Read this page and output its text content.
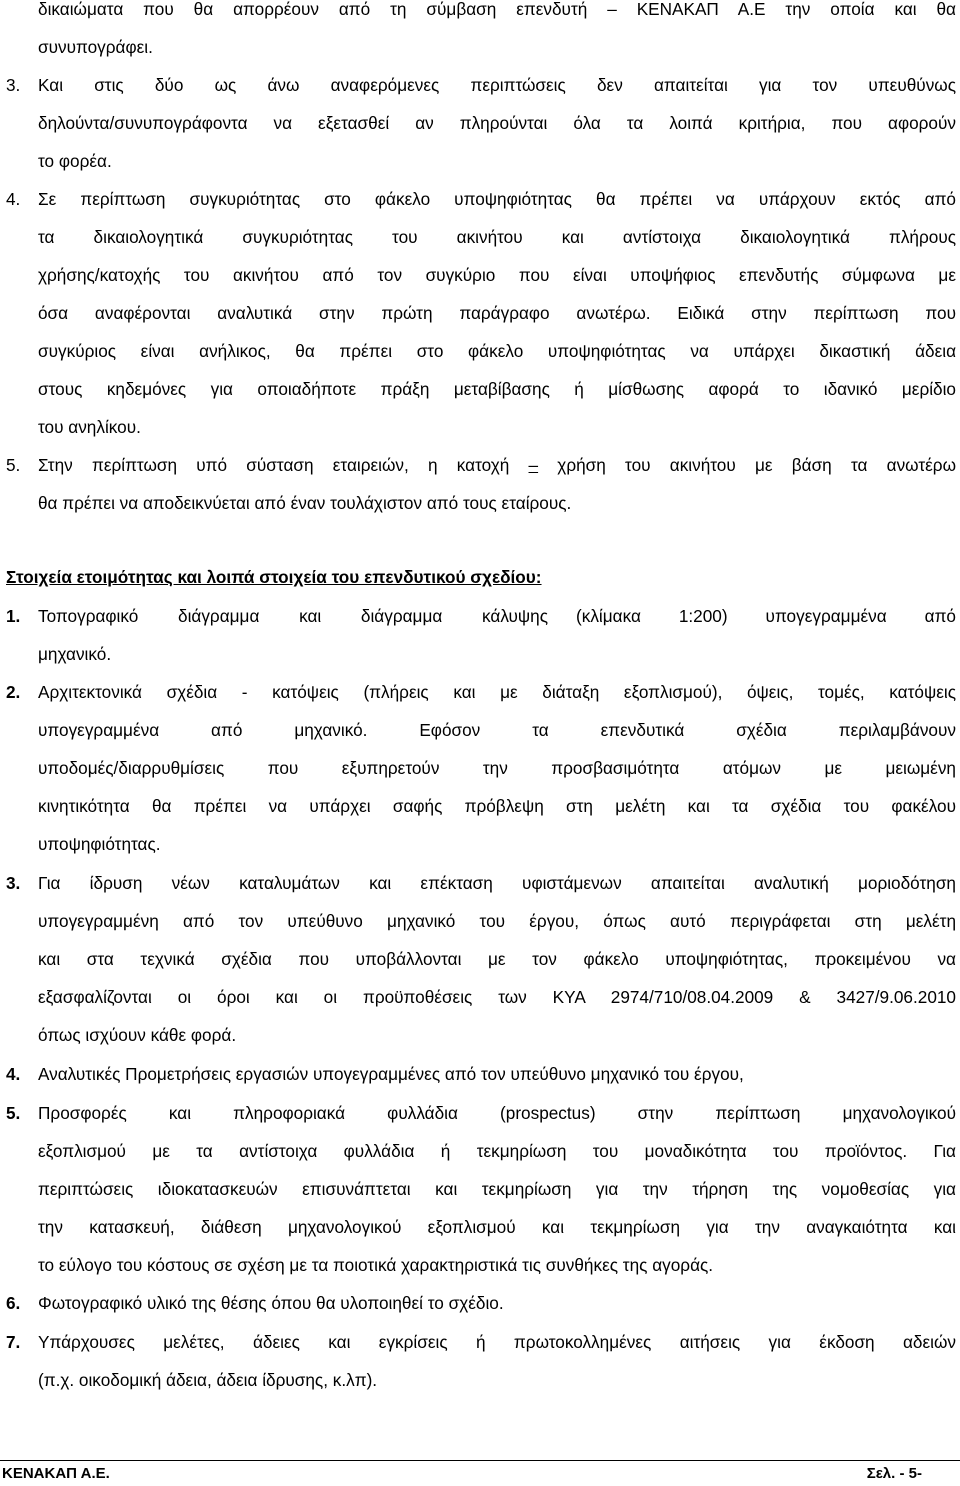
δικαιώματα που θα απορρέουν από τη σύμβαση επενδυτή – ΚΕΝΑΚΑΠ Α.Ε την οποία και θα
συνυπογράφει.
3.	Και στις δύο ως άνω αναφερόμενες περιπτώσεις δεν απαιτείται για τον υπευθύνως
δηλούντα/συνυπογράφοντα να εξετασθεί αν πληρούνται όλα τα λοιπά κριτήρια, που αφορούν
το φορέα.
4.	Σε περίπτωση συγκυριότητας στο φάκελο υποψηφιότητας θα πρέπει να υπάρχουν εκτός από
τα δικαιολογητικά συγκυριότητας του ακινήτου και αντίστοιχα δικαιολογητικά πλήρους
χρήσης/κατοχής του ακινήτου από τον συγκύριο που είναι υποψήφιος επενδυτής σύμφωνα με
όσα αναφέρονται αναλυτικά στην πρώτη παράγραφο ανωτέρω. Ειδικά στην περίπτωση που
συγκύριος είναι ανήλικος, θα πρέπει στο φάκελο υποψηφιότητας να υπάρχει δικαστική άδεια
στους κηδεμόνες για οποιαδήποτε πράξη μεταβίβασης ή μίσθωσης αφορά το ιδανικό μερίδιο
του ανηλίκου.
5.	Στην περίπτωση υπό σύσταση εταιρειών, η κατοχή – χρήση του ακινήτου με βάση τα ανωτέρω
θα πρέπει να αποδεικνύεται από έναν τουλάχιστον από τους εταίρους.
Στοιχεία ετοιμότητας και λοιπά στοιχεία του επενδυτικού σχεδίου:
1.	Τοπογραφικό διάγραμμα και διάγραμμα κάλυψης (κλίμακα 1:200) υπογεγραμμένα από
μηχανικό.
2.	Αρχιτεκτονικά σχέδια - κατόψεις (πλήρεις και με διάταξη εξοπλισμού), όψεις, τομές, κατόψεις
υπογεγραμμένα από μηχανικό. Εφόσον τα επενδυτικά σχέδια περιλαμβάνουν
υποδομές/διαρρυθμίσεις που εξυπηρετούν την προσβασιμότητα ατόμων με μειωμένη
κινητικότητα θα πρέπει να υπάρχει σαφής πρόβλεψη στη μελέτη και τα σχέδια του φακέλου
υποψηφιότητας.
3.	Για ίδρυση νέων καταλυμάτων και επέκταση υφιστάμενων απαιτείται αναλυτική μοριοδότηση
υπογεγραμμένη από τον υπεύθυνο μηχανικό του έργου, όπως αυτό περιγράφεται στη μελέτη
και στα τεχνικά σχέδια που υποβάλλονται με τον φάκελο υποψηφιότητας, προκειμένου να
εξασφαλίζονται οι όροι και οι προϋποθέσεις των ΚΥΑ 2974/710/08.04.2009 & 3427/9.06.2010
όπως ισχύουν κάθε φορά.
4.	Αναλυτικές Προμετρήσεις εργασιών υπογεγραμμένες από τον υπεύθυνο μηχανικό του έργου,
5.	Προσφορές και πληροφοριακά φυλλάδια (prospectus) στην περίπτωση μηχανολογικού
εξοπλισμού με τα αντίστοιχα φυλλάδια ή τεκμηρίωση του μοναδικότητα του προϊόντος. Για
περιπτώσεις ιδιοκατασκευών επισυνάπτεται και τεκμηρίωση για την τήρηση της νομοθεσίας για
την κατασκευή, διάθεση μηχανολογικού εξοπλισμού και τεκμηρίωση για την αναγκαιότητα και
το εύλογο του κόστους σε σχέση με τα ποιοτικά χαρακτηριστικά τις συνθήκες της αγοράς.
6.	Φωτογραφικό υλικό της θέσης όπου θα υλοποιηθεί το σχέδιο.
7.	Υπάρχουσες μελέτες, άδειες και εγκρίσεις ή πρωτοκολλημένες αιτήσεις για έκδοση αδειών
(π.χ. οικοδομική άδεια, άδεια ίδρυσης, κ.λπ).
ΚΕΝΑΚΑΠ Α.Ε.	Σελ. - 5-
